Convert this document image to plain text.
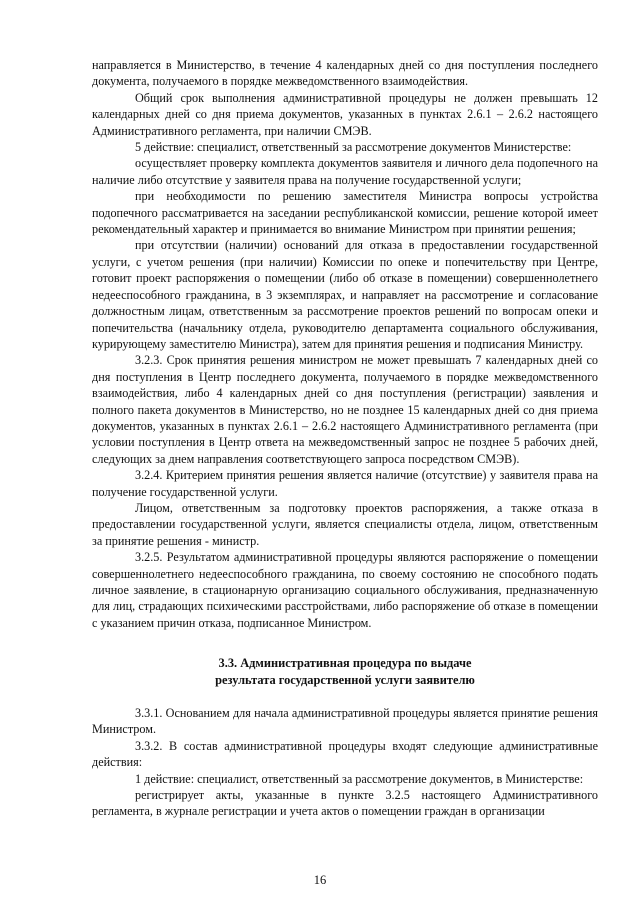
направляется в Министерство, в течение 4 календарных дней со дня поступления последнего документа, получаемого в порядке межведомственного взаимодействия.

Общий срок выполнения административной процедуры не должен превышать 12 календарных дней со дня приема документов, указанных в пунктах 2.6.1 – 2.6.2 настоящего Административного регламента, при наличии СМЭВ.

5 действие: специалист, ответственный за рассмотрение документов Министерстве:

осуществляет проверку комплекта документов заявителя и личного дела подопечного на наличие либо отсутствие у заявителя права на получение государственной услуги;

при необходимости по решению заместителя Министра вопросы устройства подопечного рассматривается на заседании республиканской комиссии, решение которой имеет рекомендательный характер и принимается во внимание Министром при принятии решения;

при отсутствии (наличии) оснований для отказа в предоставлении государственной услуги, с учетом решения (при наличии) Комиссии по опеке и попечительству при Центре, готовит проект распоряжения о помещении (либо об отказе в помещении) совершеннолетнего недееспособного гражданина, в 3 экземплярах, и направляет на рассмотрение и согласование должностным лицам, ответственным за рассмотрение проектов решений по вопросам опеки и попечительства (начальнику отдела, руководителю департамента социального обслуживания, курирующему заместителю Министра), затем для принятия решения и подписания Министру.

3.2.3. Срок принятия решения министром не может превышать 7 календарных дней со дня поступления в Центр последнего документа, получаемого в порядке межведомственного взаимодействия, либо 4 календарных дней со дня поступления (регистрации) заявления и полного пакета документов в Министерство, но не позднее 15 календарных дней со дня приема документов, указанных в пунктах 2.6.1 – 2.6.2 настоящего Административного регламента (при условии поступления в Центр ответа на межведомственный запрос не позднее 5 рабочих дней, следующих за днем направления соответствующего запроса посредством СМЭВ).

3.2.4. Критерием принятия решения является наличие (отсутствие) у заявителя права на получение государственной услуги.

Лицом, ответственным за подготовку проектов распоряжения, а также отказа в предоставлении государственной услуги, является специалисты отдела, лицом, ответственным за принятие решения - министр.

3.2.5. Результатом административной процедуры являются распоряжение о помещении совершеннолетнего недееспособного гражданина, по своему состоянию не способного подать личное заявление, в стационарную организацию социального обслуживания, предназначенную для лиц, страдающих психическими расстройствами, либо распоряжение об отказе в помещении с указанием причин отказа, подписанное Министром.

3.3. Административная процедура по выдаче

результата государственной услуги заявителю

3.3.1. Основанием для начала административной процедуры является принятие решения Министром.

3.3.2. В состав административной процедуры входят следующие административные действия:

1 действие: специалист, ответственный за рассмотрение документов, в Министерстве:

регистрирует акты, указанные в пункте 3.2.5 настоящего Административного регламента, в журнале регистрации и учета актов о помещении граждан в организации

16
